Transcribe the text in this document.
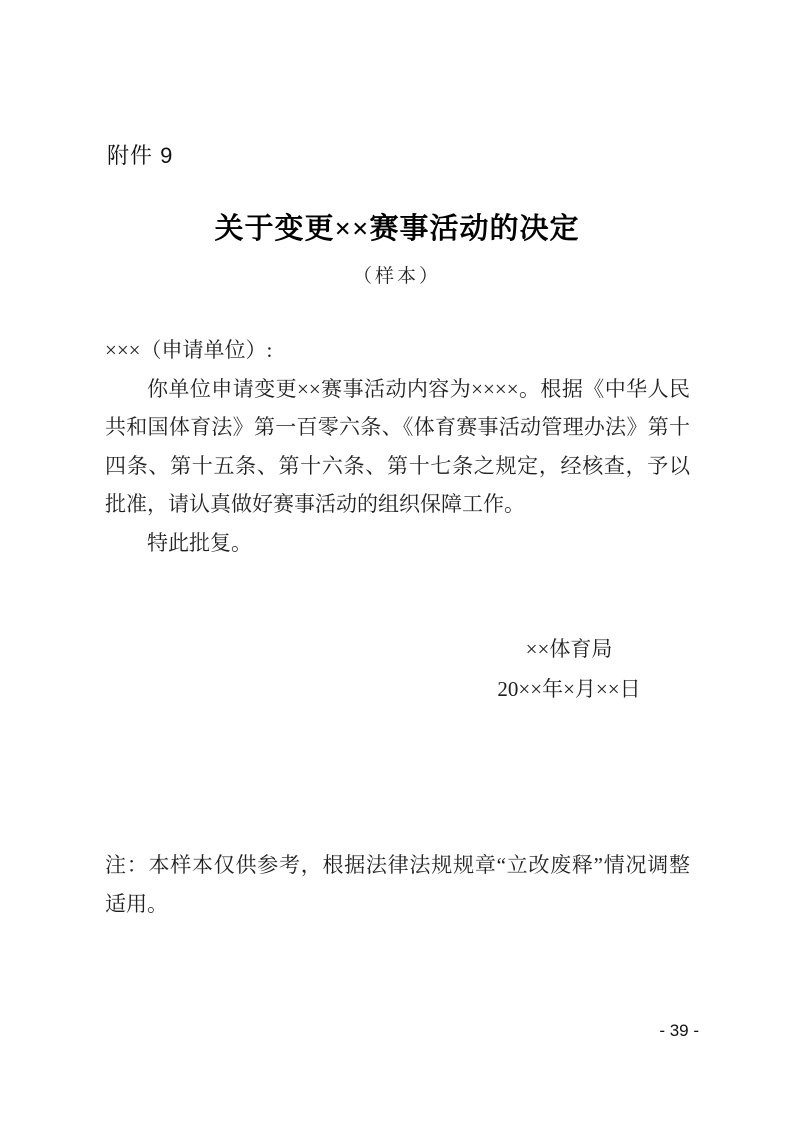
附件 9
关于变更××赛事活动的决定
（样本）

×××（申请单位）:

你单位申请变更××赛事活动内容为××××。根据《中华人民共和国体育法》第一百零六条、《体育赛事活动管理办法》第十四条、第十五条、第十六条、第十七条之规定，经核查，予以批准，请认真做好赛事活动的组织保障工作。

特此批复。

××体育局
20××年×月××日

注：本样本仅供参考，根据法律法规规章“立改废释”情况调整适用。

- 39 -
